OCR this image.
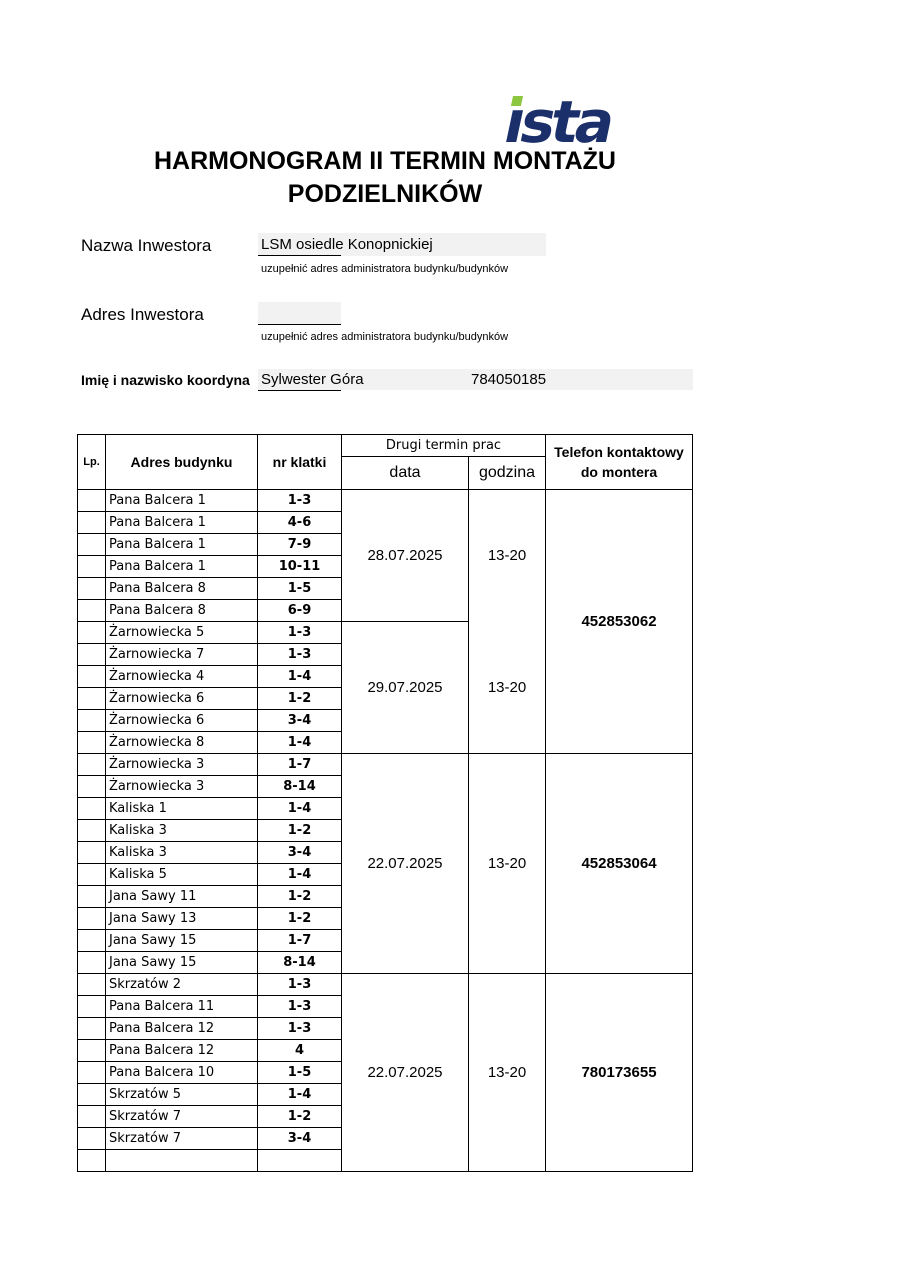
ısta
HARMONOGRAM II TERMIN MONTAŻU
PODZIELNIKÓW
Nazwa Inwestora	LSM osiedle Konopnickiej
uzupełnić adres administratora budynku/budynków
Adres Inwestora
uzupełnić adres administratora budynku/budynków
Imię i nazwisko koordyna Sylwester Góra	784050185
Lp.	Adres budynku	nr klatki	Drugi termin prac		Telefon kontaktowy do montera
			data	godzina	
	Pana Balcera 1	1-3	28.07.2025	13-20	452853062
	Pana Balcera 1	4-6			
	Pana Balcera 1	7-9			
	Pana Balcera 1	10-11			
	Pana Balcera 8	1-5			
	Pana Balcera 8	6-9			
	Żarnowiecka 5	1-3	29.07.2025	13-20	
	Żarnowiecka 7	1-3			
	Żarnowiecka 4	1-4			
	Żarnowiecka 6	1-2			
	Żarnowiecka 6	3-4			
	Żarnowiecka 8	1-4			
	Żarnowiecka 3	1-7	22.07.2025	13-20	452853064
	Żarnowiecka 3	8-14			
	Kaliska 1	1-4			
	Kaliska 3	1-2			
	Kaliska 3	3-4			
	Kaliska 5	1-4			
	Jana Sawy 11	1-2			
	Jana Sawy 13	1-2			
	Jana Sawy 15	1-7			
	Jana Sawy 15	8-14			
	Skrzatów 2	1-3	22.07.2025	13-20	780173655
	Pana Balcera 11	1-3			
	Pana Balcera 12	1-3			
	Pana Balcera 12	4			
	Pana Balcera 10	1-5			
	Skrzatów 5	1-4			
	Skrzatów 7	1-2			
	Skrzatów 7	3-4			
